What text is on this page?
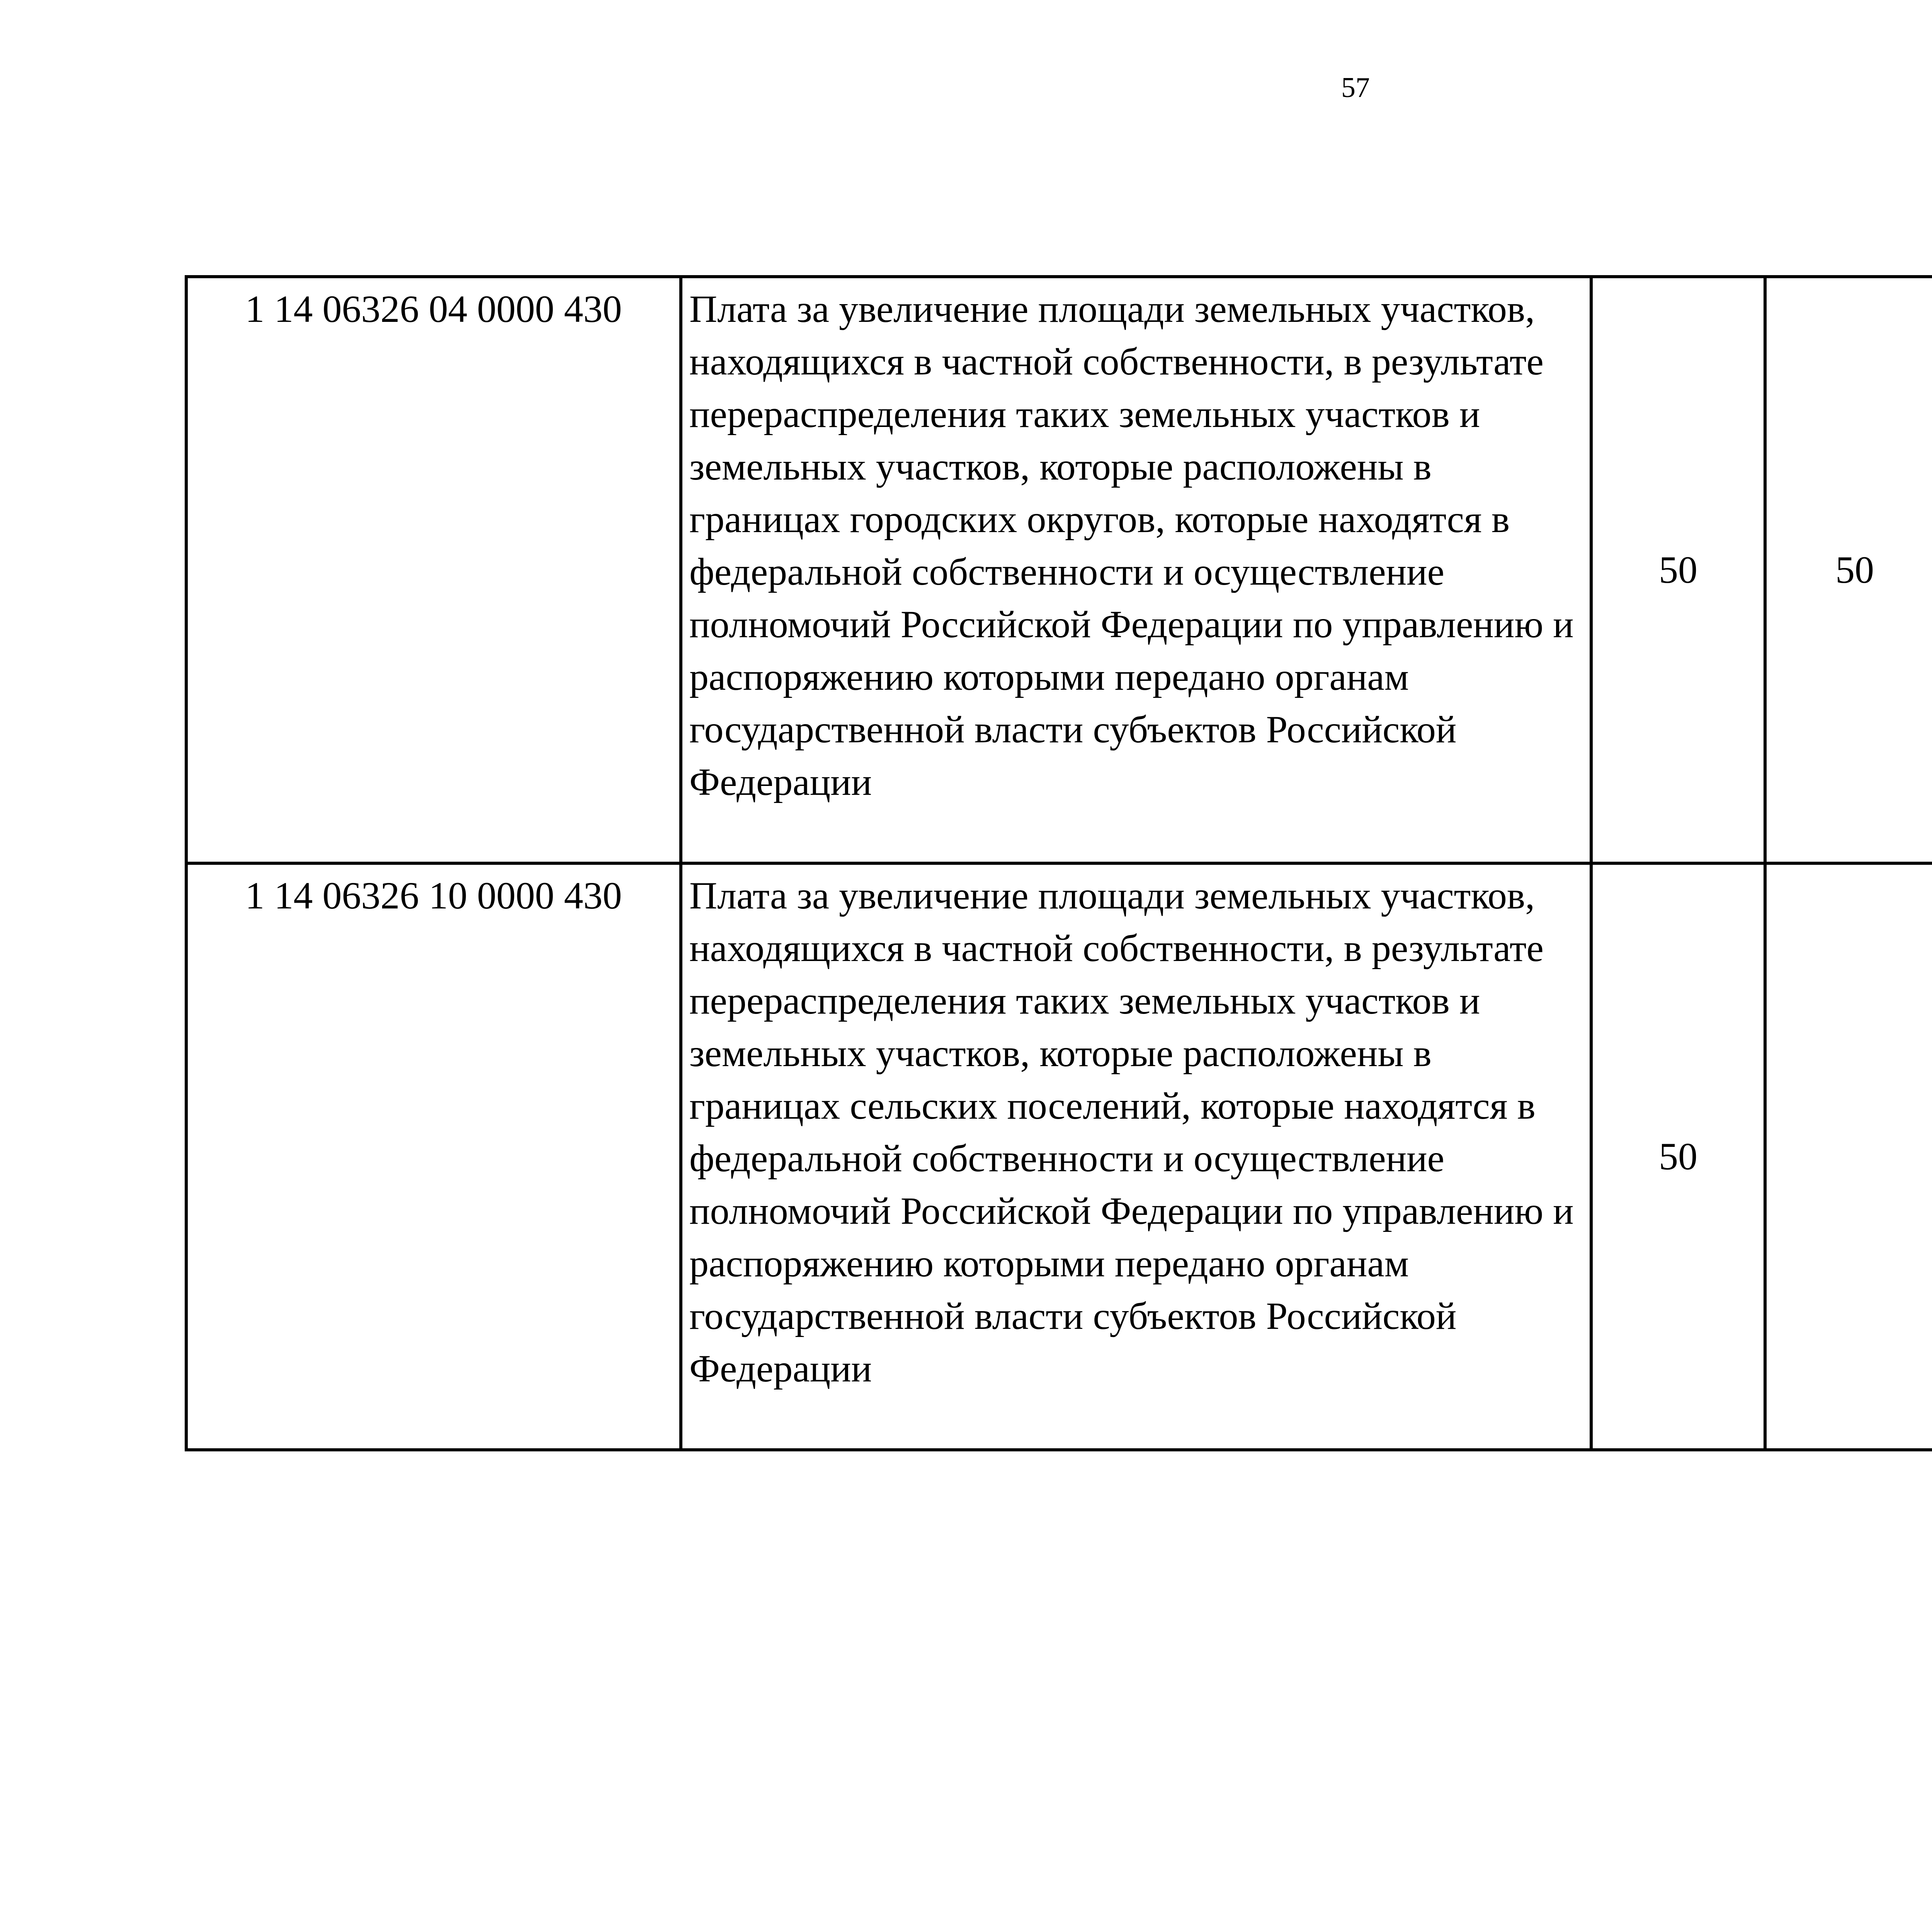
57
1 14 06326 04 0000 430	Плата за увеличение площади земельных участков, находящихся в частной собственности, в результате перераспределения таких земельных участков и земельных участков, которые расположены в границах городских округов, которые находятся в федеральной собственности и осуществление полномочий Российской Федерации по управлению и распоряжению которыми передано органам государственной власти субъектов Российской Федерации	50	50			
1 14 06326 10 0000 430	Плата за увеличение площади земельных участков, находящихся в частной собственности, в результате перераспределения таких земельных участков и земельных участков, которые расположены в границах сельских поселений, которые находятся в федеральной собственности и осуществление полномочий Российской Федерации по управлению и распоряжению которыми передано органам государственной власти субъектов Российской Федерации	50				
